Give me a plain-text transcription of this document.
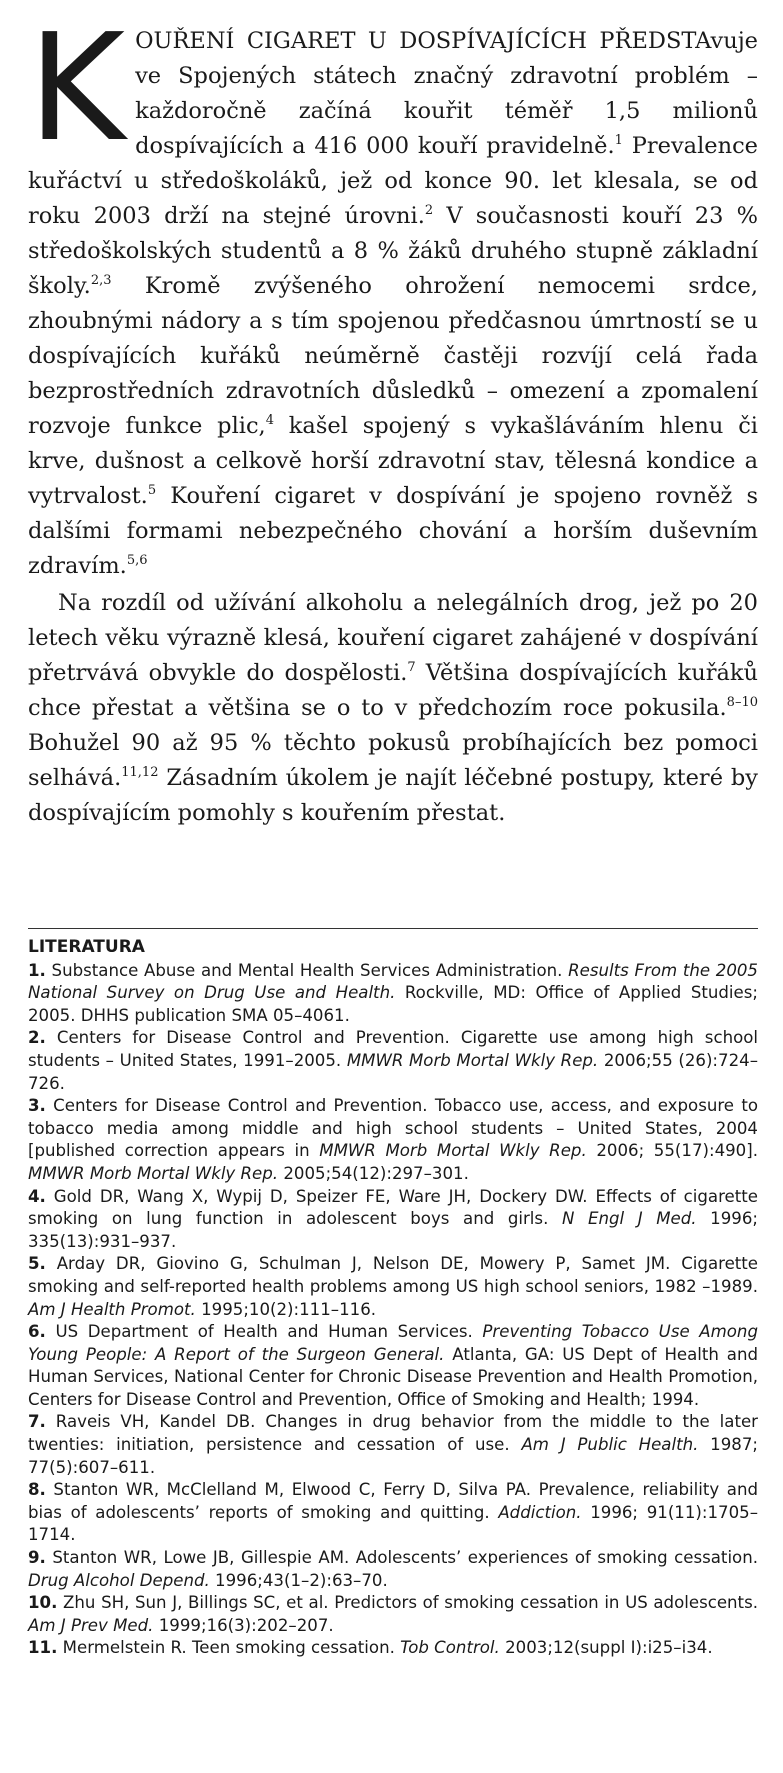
K OUŘENÍ CIGARET U DOSPÍVAJÍCÍCH PŘEDSTAvuje ve Spojených státech značný zdravotní problém – každoročně začíná kouřit téměř 1,5 milionů dospívajících a 416 000 kouří pravidelně.$^1$ Prevalence kuřáctví u středoškoláků, jež od konce 90. let klesala, se od roku 2003 drží na stejné úrovni.$^2$ V současnosti kouří 23 % středoškolských studentů a 8 % žáků druhého stupně základní školy.$^{2,3}$ Kromě zvýšeného ohrožení nemocemi srdce, zhoubnými nádory a s tím spojenou předčasnou úmrtností se u dospívajících kuřáků neúměrně častěji rozvíjí celá řada bezprostředních zdravotních důsledků – omezení a zpomalení rozvoje funkce plic,$^4$ kašel spojený s vykašláváním hlenu či krve, dušnost a celkově horší zdravotní stav, tělesná kondice a vytrvalost.$^5$ Kouření cigaret v dospívání je spojeno rovněž s dalšími formami nebezpečného chování a horším duševním zdravím.$^{5,6}$

Na rozdíl od užívání alkoholu a nelegálních drog, jež po 20 letech věku výrazně klesá, kouření cigaret zahájené v dospívání přetrvává obvykle do dospělosti.$^7$ Většina dospívajících kuřáků chce přestat a většina se o to v předchozím roce pokusila.$^{8-10}$ Bohužel 90 až 95 % těchto pokusů probíhajících bez pomoci selhává.$^{11,12}$ Zásadním úkolem je najít léčebné postupy, které by dospívajícím pomohly s kouřením přestat.

LITERATURA
1. Substance Abuse and Mental Health Services Administration. Results From the 2005 National Survey on Drug Use and Health. Rockville, MD: Office of Applied Studies; 2005. DHHS publication SMA 05–4061.
2. Centers for Disease Control and Prevention. Cigarette use among high school students – United States, 1991–2005. MMWR Morb Mortal Wkly Rep. 2006;55 (26):724–726.
3. Centers for Disease Control and Prevention. Tobacco use, access, and exposure to tobacco media among middle and high school students – United States, 2004 [published correction appears in MMWR Morb Mortal Wkly Rep. 2006; 55(17):490]. MMWR Morb Mortal Wkly Rep. 2005;54(12):297–301.
4. Gold DR, Wang X, Wypij D, Speizer FE, Ware JH, Dockery DW. Effects of cigarette smoking on lung function in adolescent boys and girls. N Engl J Med. 1996; 335(13):931–937.
5. Arday DR, Giovino G, Schulman J, Nelson DE, Mowery P, Samet JM. Cigarette smoking and self-reported health problems among US high school seniors, 1982 –1989. Am J Health Promot. 1995;10(2):111–116.
6. US Department of Health and Human Services. Preventing Tobacco Use Among Young People: A Report of the Surgeon General. Atlanta, GA: US Dept of Health and Human Services, National Center for Chronic Disease Prevention and Health Promotion, Centers for Disease Control and Prevention, Office of Smoking and Health; 1994.
7. Raveis VH, Kandel DB. Changes in drug behavior from the middle to the later twenties: initiation, persistence and cessation of use. Am J Public Health. 1987; 77(5):607–611.
8. Stanton WR, McClelland M, Elwood C, Ferry D, Silva PA. Prevalence, reliability and bias of adolescents’ reports of smoking and quitting. Addiction. 1996; 91(11):1705–1714.
9. Stanton WR, Lowe JB, Gillespie AM. Adolescents’ experiences of smoking cessation. Drug Alcohol Depend. 1996;43(1–2):63–70.
10. Zhu SH, Sun J, Billings SC, et al. Predictors of smoking cessation in US adolescents. Am J Prev Med. 1999;16(3):202–207.
11. Mermelstein R. Teen smoking cessation. Tob Control. 2003;12(suppl I):i25–i34.
